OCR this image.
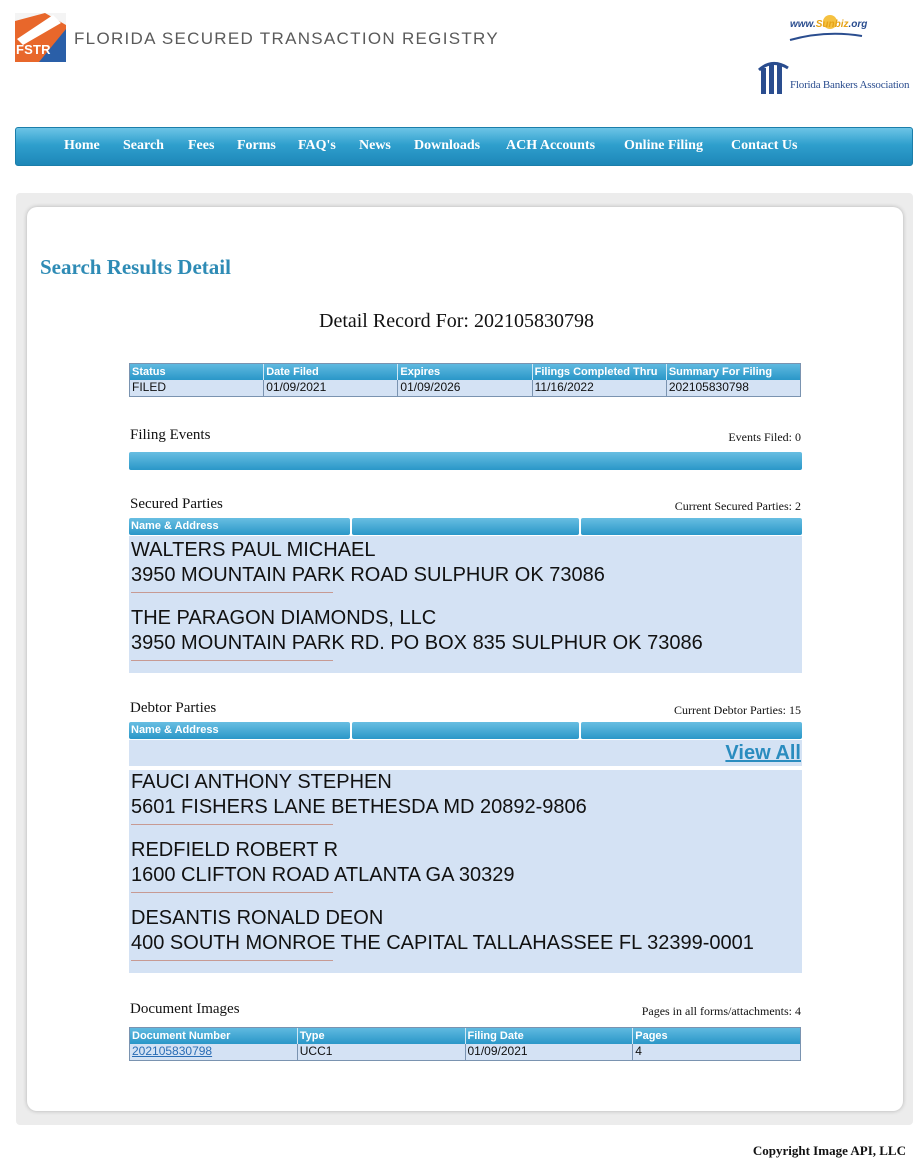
FSTR
FLORIDA SECURED TRANSACTION REGISTRY
www.Sunbiz.org
Florida Bankers Association
Home Search Fees Forms FAQ's News Downloads ACH Accounts Online Filing Contact Us
Search Results Detail
Detail Record For: 202105830798
Status	Date Filed	Expires	Filings Completed Thru	Summary For Filing
FILED	01/09/2021	01/09/2026	11/16/2022	202105830798
Filing Events	Events Filed: 0
Secured Parties	Current Secured Parties: 2
Name & Address
WALTERS PAUL MICHAEL
3950 MOUNTAIN PARK ROAD SULPHUR OK 73086
THE PARAGON DIAMONDS, LLC
3950 MOUNTAIN PARK RD. PO BOX 835 SULPHUR OK 73086
Debtor Parties	Current Debtor Parties: 15
Name & Address
View All
FAUCI ANTHONY STEPHEN
5601 FISHERS LANE BETHESDA MD 20892-9806
REDFIELD ROBERT R
1600 CLIFTON ROAD ATLANTA GA 30329
DESANTIS RONALD DEON
400 SOUTH MONROE THE CAPITAL TALLAHASSEE FL 32399-0001
Document Images	Pages in all forms/attachments: 4
Document Number	Type	Filing Date	Pages
202105830798	UCC1	01/09/2021	4
Copyright Image API, LLC
